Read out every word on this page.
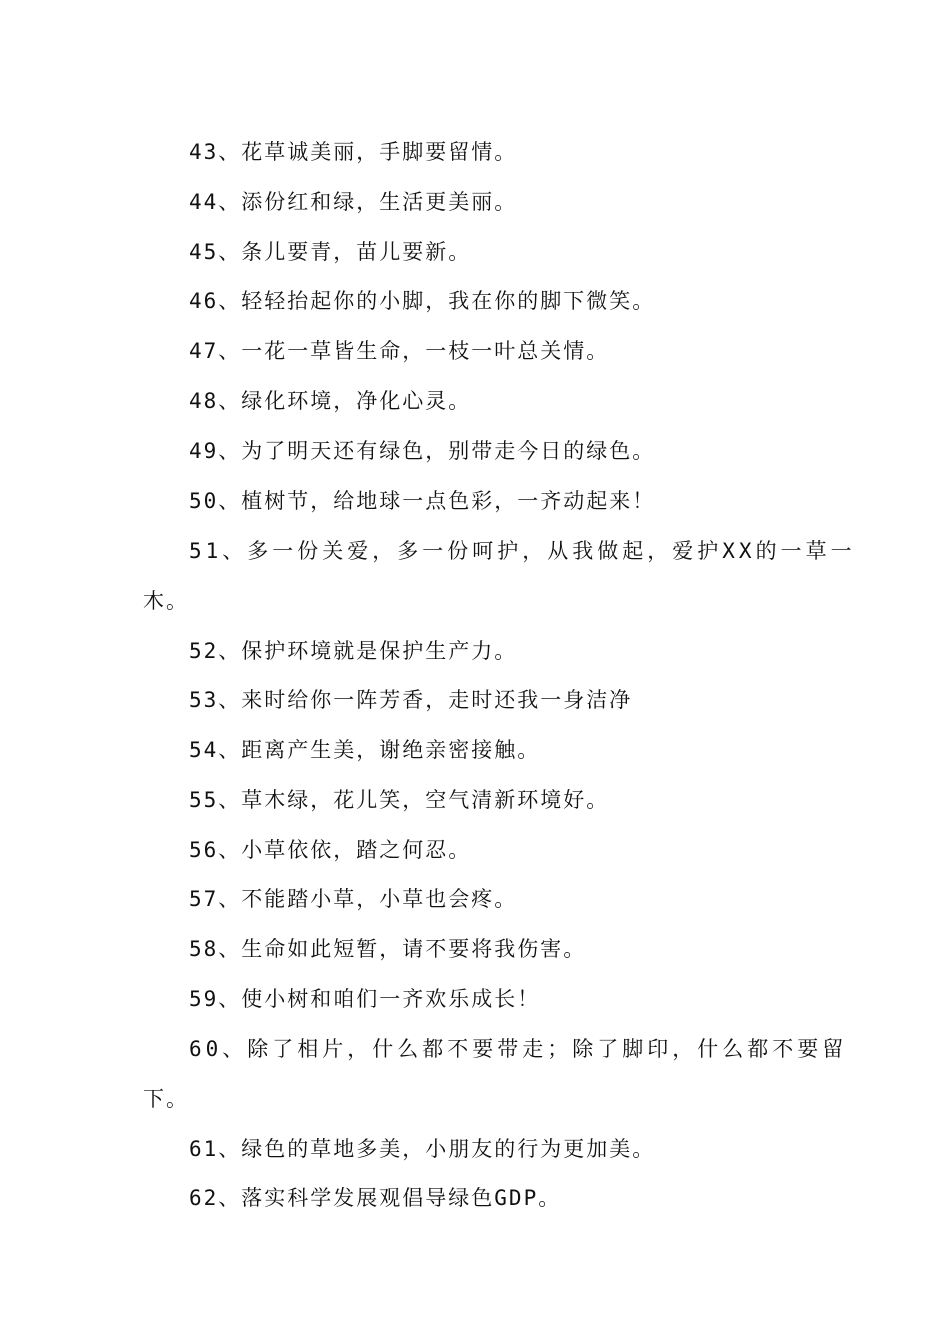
43、花草诚美丽，手脚要留情。
44、添份红和绿，生活更美丽。
45、条儿要青，苗儿要新。
46、轻轻抬起你的小脚，我在你的脚下微笑。
47、一花一草皆生命，一枝一叶总关情。
48、绿化环境，净化心灵。
49、为了明天还有绿色，别带走今日的绿色。
50、植树节，给地球一点色彩，一齐动起来！
51、多一份关爱，多一份呵护，从我做起，爱护XX的一草一
木。
52、保护环境就是保护生产力。
53、来时给你一阵芳香，走时还我一身洁净
54、距离产生美，谢绝亲密接触。
55、草木绿，花儿笑，空气清新环境好。
56、小草依依，踏之何忍。
57、不能踏小草，小草也会疼。
58、生命如此短暂，请不要将我伤害。
59、使小树和咱们一齐欢乐成长！
60、除了相片，什么都不要带走；除了脚印，什么都不要留
下。
61、绿色的草地多美，小朋友的行为更加美。
62、落实科学发展观倡导绿色GDP。
